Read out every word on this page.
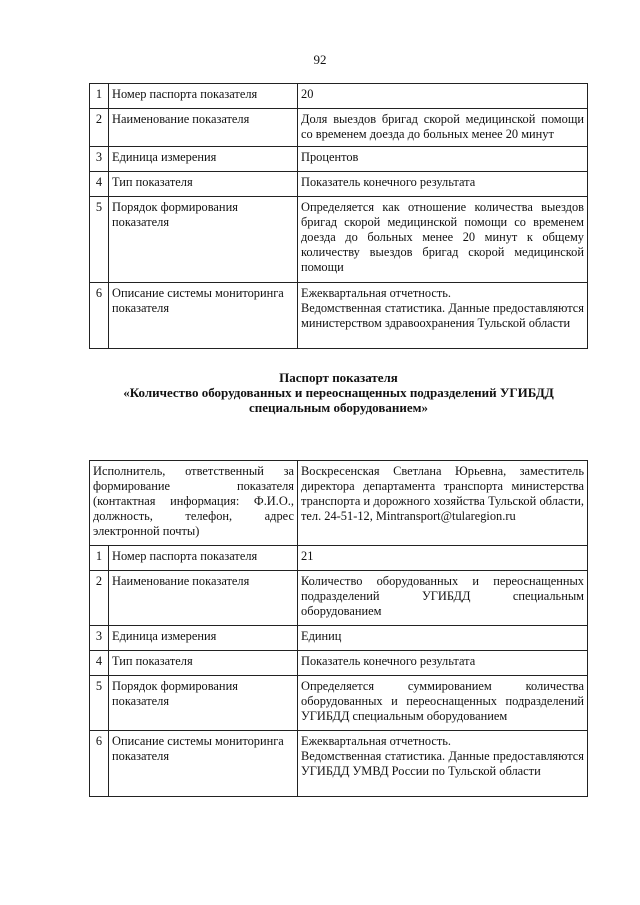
92
1	Номер паспорта показателя	20
2	Наименование показателя	Доля выездов бригад скорой медицинской помощи со временем доезда до больных менее 20 минут
3	Единица измерения	Процентов
4	Тип показателя	Показатель конечного результата
5	Порядок формирования показателя	Определяется как отношение количества выездов бригад скорой медицинской помощи со временем доезда до больных менее 20 минут к общему количеству выездов бригад скорой медицинской помощи
6	Описание системы мониторинга показателя	Ежеквартальная отчетность.
Ведомственная статистика. Данные предоставляются министерством здравоохранения Тульской области
Паспорт показателя
«Количество оборудованных и переоснащенных подразделений УГИБДД
специальным оборудованием»
Исполнитель, ответственный за формирование показателя (контактная информация: Ф.И.О., должность, телефон, адрес электронной почты)		Воскресенская Светлана Юрьевна, заместитель директора департамента транспорта министерства транспорта и дорожного хозяйства Тульской области, тел. 24-51-12, Mintransport@tularegion.ru
1	Номер паспорта показателя	21
2	Наименование показателя	Количество оборудованных и переоснащенных подразделений УГИБДД специальным оборудованием
3	Единица измерения	Единиц
4	Тип показателя	Показатель конечного результата
5	Порядок формирования показателя	Определяется суммированием количества оборудованных и переоснащенных подразделений УГИБДД специальным оборудованием
6	Описание системы мониторинга показателя	Ежеквартальная отчетность.
Ведомственная статистика. Данные предоставляются УГИБДД УМВД России по Тульской области
